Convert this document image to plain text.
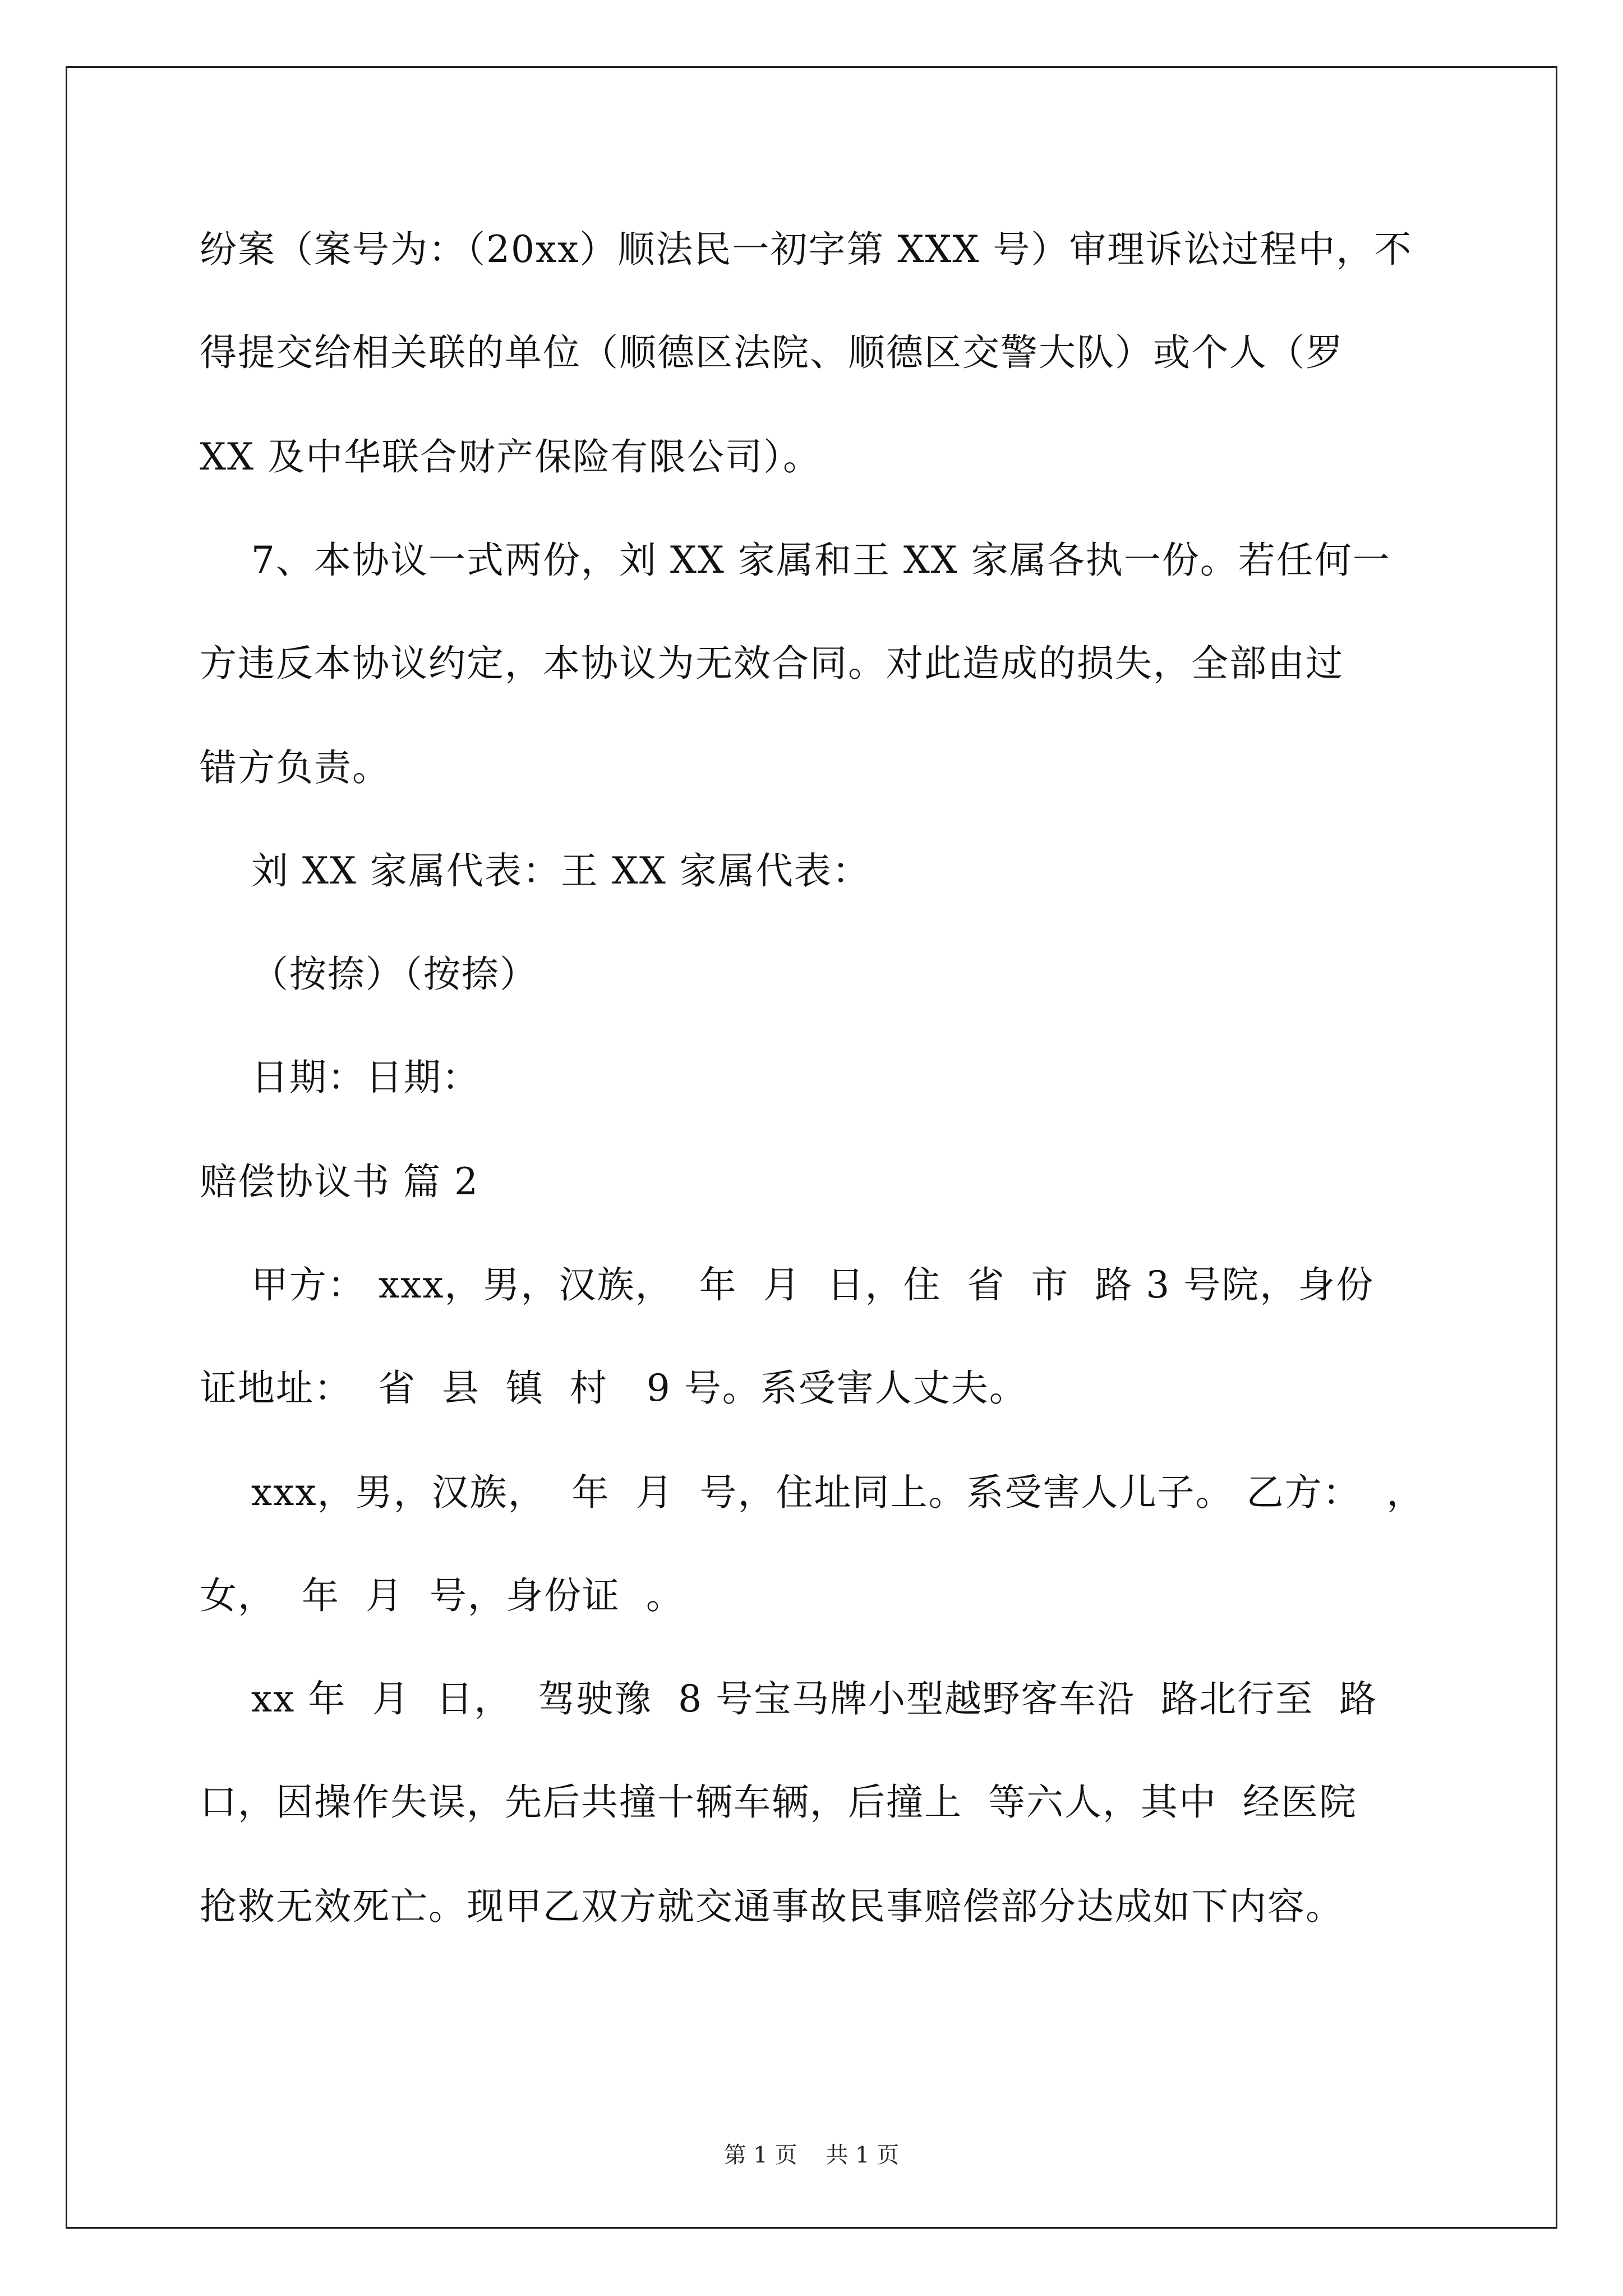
纷案（案号为：（20xx）顺法民一初字第 XXX 号）审理诉讼过程中，不
得提交给相关联的单位（顺德区法院、顺德区交警大队）或个人（罗
XX 及中华联合财产保险有限公司）。
7、本协议一式两份，刘 XX 家属和王 XX 家属各执一份。若任何一
方违反本协议约定，本协议为无效合同。对此造成的损失，全部由过
错方负责。
刘 XX 家属代表：王 XX 家属代表：
（按捺）（按捺）
日期：日期：
赔偿协议书 篇 2
甲方： xxx，男，汉族，  年  月  日，住  省  市  路 3 号院，身份
证地址：  省  县  镇  村   9 号。系受害人丈夫。
xxx，男，汉族，  年  月  号，住址同上。系受害人儿子。 乙方：  ，
女，  年  月  号，身份证  。
xx 年  月  日，  驾驶豫  8 号宝马牌小型越野客车沿  路北行至  路
口，因操作失误，先后共撞十辆车辆，后撞上  等六人，其中  经医院
抢救无效死亡。现甲乙双方就交通事故民事赔偿部分达成如下内容。
第 1 页    共 1 页
